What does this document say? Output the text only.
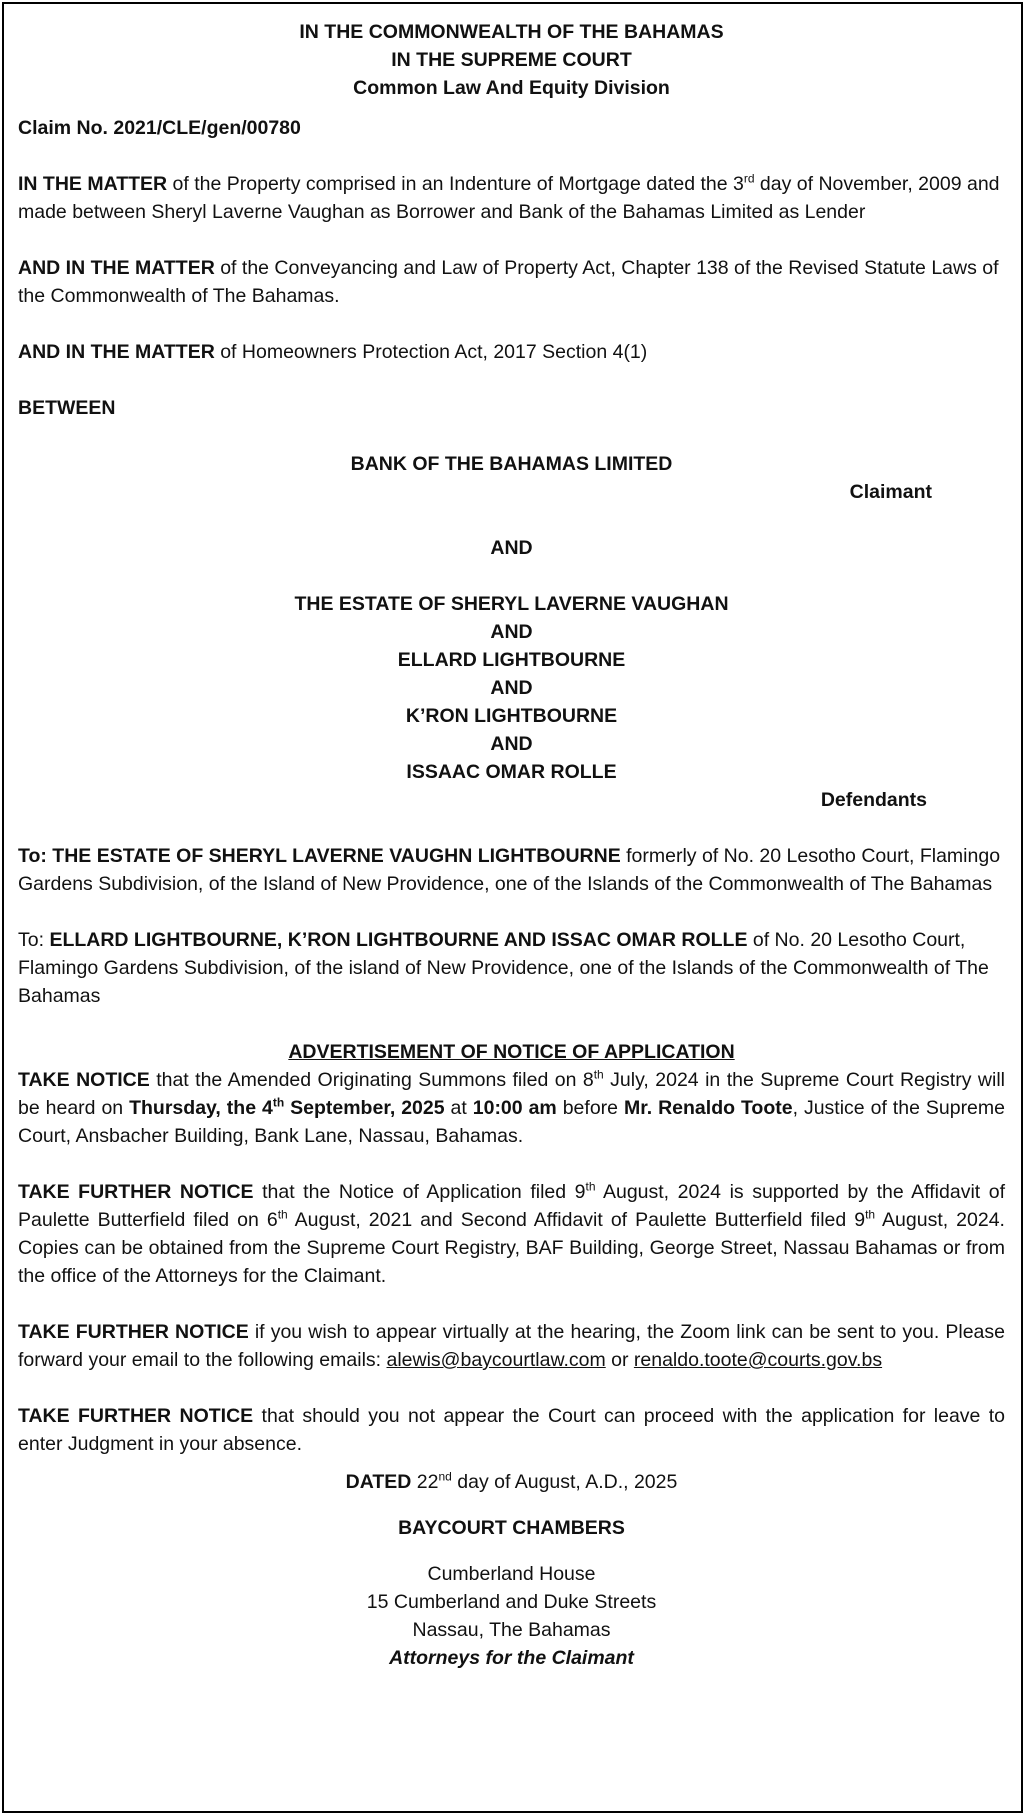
IN THE COMMONWEALTH OF THE BAHAMAS

IN THE SUPREME COURT

Common Law And Equity Division

Claim No. 2021/CLE/gen/00780

IN THE MATTER of the Property comprised in an Indenture of Mortgage dated the 3rd day of November, 2009 and made between Sheryl Laverne Vaughan as Borrower and Bank of the Bahamas Limited as Lender

AND IN THE MATTER of the Conveyancing and Law of Property Act, Chapter 138 of the Revised Statute Laws of the Commonwealth of The Bahamas.

AND IN THE MATTER of Homeowners Protection Act, 2017 Section 4(1)

BETWEEN

BANK OF THE BAHAMAS LIMITED

Claimant

AND

THE ESTATE OF SHERYL LAVERNE VAUGHAN

AND

ELLARD LIGHTBOURNE

AND

K’RON LIGHTBOURNE

AND

ISSAAC OMAR ROLLE

Defendants

To: THE ESTATE OF SHERYL LAVERNE VAUGHN LIGHTBOURNE formerly of No. 20 Lesotho Court, Flamingo Gardens Subdivision, of the Island of New Providence, one of the Islands of the Commonwealth of The Bahamas

To: ELLARD LIGHTBOURNE, K’RON LIGHTBOURNE AND ISSAC OMAR ROLLE of No. 20 Lesotho Court, Flamingo Gardens Subdivision, of the island of New Providence, one of the Islands of the Commonwealth of The Bahamas

ADVERTISEMENT OF NOTICE OF APPLICATION

TAKE NOTICE that the Amended Originating Summons filed on 8th July, 2024 in the Supreme Court Registry will be heard on Thursday, the 4th September, 2025 at 10:00 am before Mr. Renaldo Toote, Justice of the Supreme Court, Ansbacher Building, Bank Lane, Nassau, Bahamas.

TAKE FURTHER NOTICE that the Notice of Application filed 9th August, 2024 is supported by the Affidavit of Paulette Butterfield filed on 6th August, 2021 and Second Affidavit of Paulette Butterfield filed 9th August, 2024. Copies can be obtained from the Supreme Court Registry, BAF Building, George Street, Nassau Bahamas or from the office of the Attorneys for the Claimant.

TAKE FURTHER NOTICE if you wish to appear virtually at the hearing, the Zoom link can be sent to you. Please forward your email to the following emails: alewis@baycourtlaw.com or renaldo.toote@courts.gov.bs

TAKE FURTHER NOTICE that should you not appear the Court can proceed with the application for leave to enter Judgment in your absence.

DATED 22nd day of August, A.D., 2025

BAYCOURT CHAMBERS

Cumberland House

15 Cumberland and Duke Streets

Nassau, The Bahamas

Attorneys for the Claimant
